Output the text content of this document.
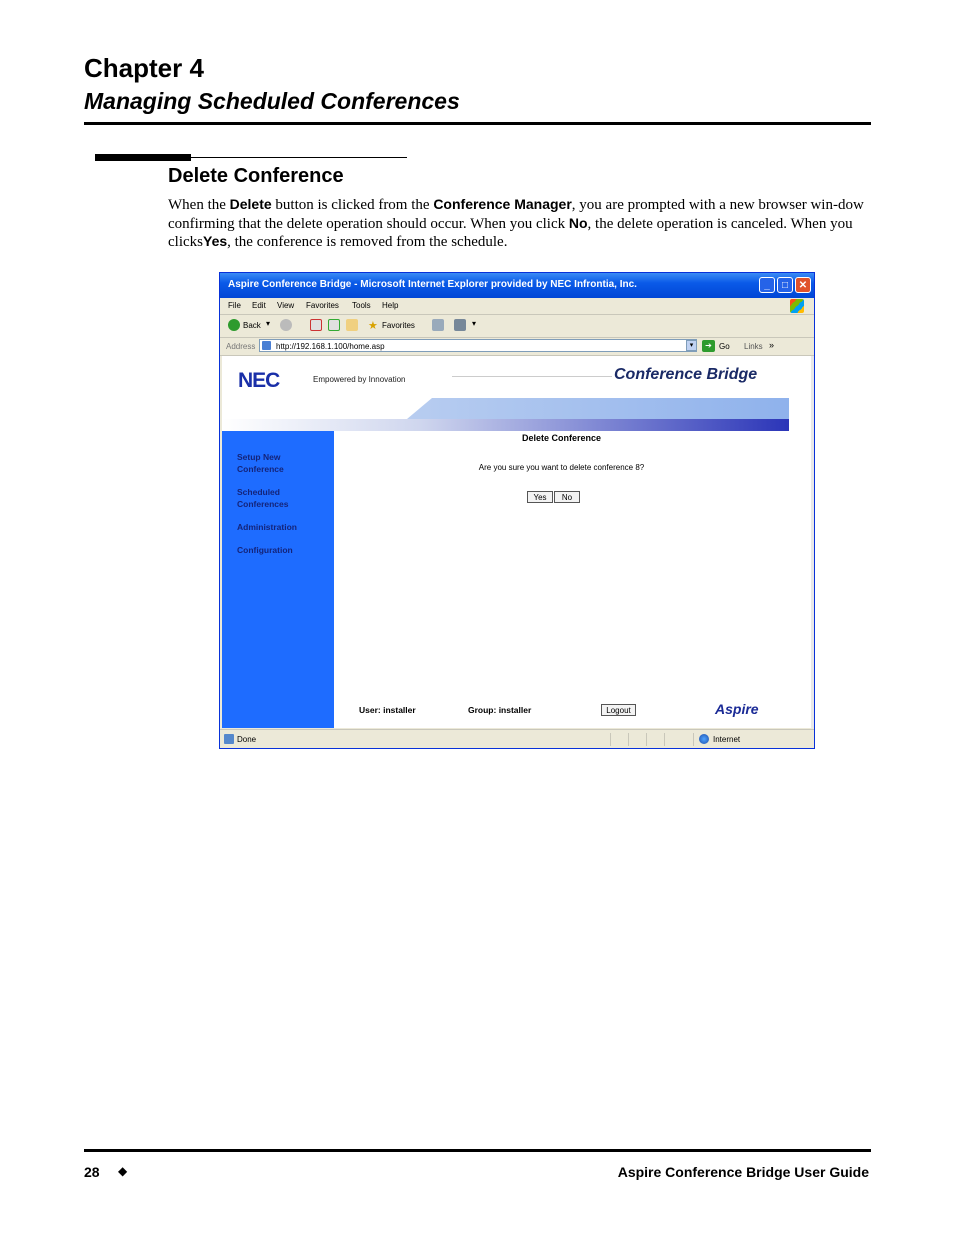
Chapter 4
Managing Scheduled Conferences
Delete Conference
When the Delete button is clicked from the Conference Manager, you are prompted with a new browser win-dow confirming that the delete operation should occur. When you click No, the delete operation is canceled. When you clicksYes, the conference is removed from the schedule.
Aspire Conference Bridge - Microsoft Internet Explorer provided by NEC Infrontia, Inc.	_	□	✕
File Edit View Favorites Tools Help
Back ▾	★ Favorites	▾
Address
http://192.168.1.100/home.asp	▾	➔ Go Links »
NEC	Empowered by Innovation	Conference Bridge
Setup New Conference
Scheduled Conferences
Administration
Configuration
Delete Conference
Are you sure you want to delete conference 8?
Yes	No
User: installer	Group: installer	Logout	Aspire
Done	Internet
28 ◆	Aspire Conference Bridge User Guide
